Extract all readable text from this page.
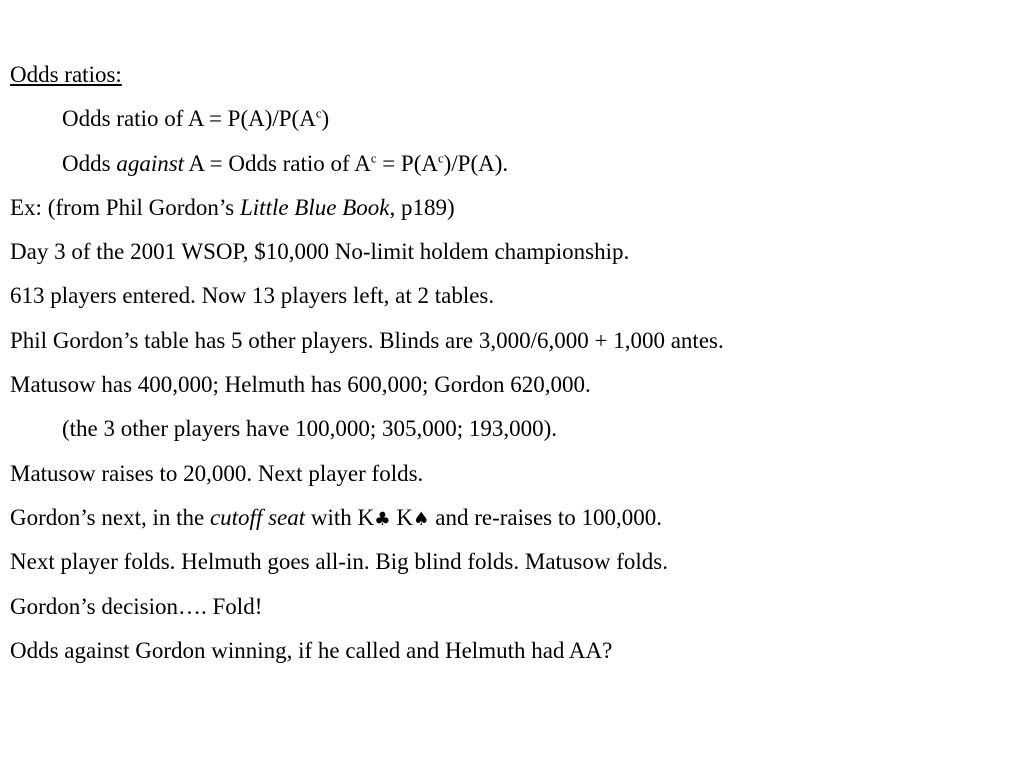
Odds ratios:
Odds ratio of $A = P(A)/P(A^c)$
Odds against A = Odds ratio of $A^c = P(A^c)/P(A)$.
Ex: (from Phil Gordon’s Little Blue Book, p189)
Day 3 of the 2001 WSOP, $10,000 No-limit holdem championship.
613 players entered. Now 13 players left, at 2 tables.
Phil Gordon’s table has 5 other players. Blinds are 3,000/6,000 + 1,000 antes.
Matusow has 400,000; Helmuth has 600,000; Gordon 620,000.
(the 3 other players have 100,000; 305,000; 193,000).
Matusow raises to 20,000. Next player folds.
Gordon’s next, in the cutoff seat with K♣ K♠ and re-raises to 100,000.
Next player folds. Helmuth goes all-in. Big blind folds. Matusow folds.
Gordon’s decision…. Fold!
Odds against Gordon winning, if he called and Helmuth had AA?
